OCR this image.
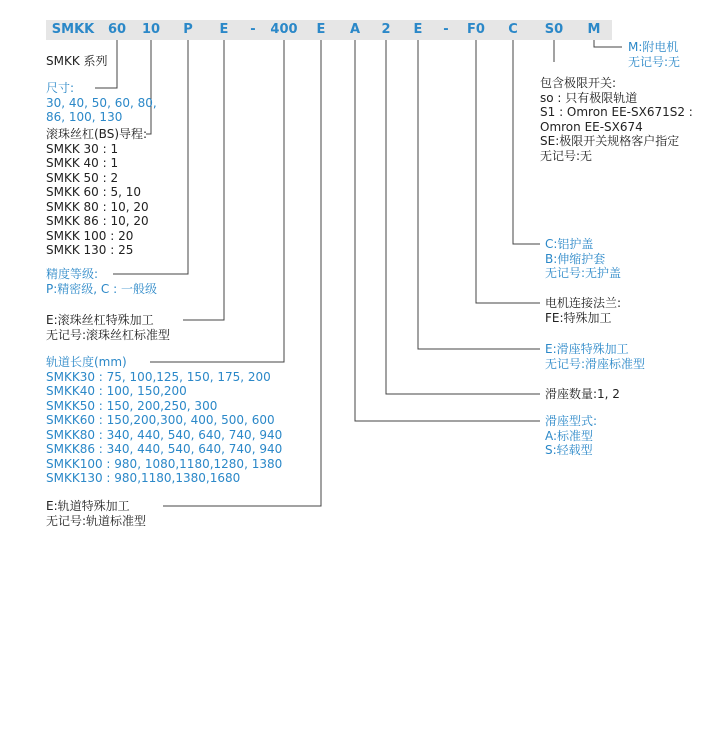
SMKK	60	10	P	E	-	400	E	A	2	E	-	F0	C	S0	M
SMKK 系列
尺寸:
30, 40, 50, 60, 80,
86, 100, 130
滚珠丝杠(BS)导程:
SMKK 30 : 1
SMKK 40 : 1
SMKK 50 : 2
SMKK 60 : 5, 10
SMKK 80 : 10, 20
SMKK 86 : 10, 20
SMKK 100 : 20
SMKK 130 : 25
精度等级:
P:精密级, C : 一般级
E:滚珠丝杠特殊加工
无记号:滚珠丝杠标准型
轨道长度(mm)
SMKK30 : 75, 100,125, 150, 175, 200
SMKK40 : 100, 150,200
SMKK50 : 150, 200,250, 300
SMKK60 : 150,200,300, 400, 500, 600
SMKK80 : 340, 440, 540, 640, 740, 940
SMKK86 : 340, 440, 540, 640, 740, 940
SMKK100 : 980, 1080,1180,1280, 1380
SMKK130 : 980,1180,1380,1680
E:轨道特殊加工
无记号:轨道标准型
M:附电机
无记号:无
包含极限开关:
so : 只有极限轨道
S1 : Omron EE-SX671S2 :
Omron EE-SX674
SE:极限开关规格客户指定
无记号:无
C:铝护盖
B:伸缩护套
无记号:无护盖
电机连接法兰:
FE:特殊加工
E:滑座特殊加工
无记号:滑座标准型
滑座数量:1, 2
滑座型式:
A:标准型
S:轻载型
